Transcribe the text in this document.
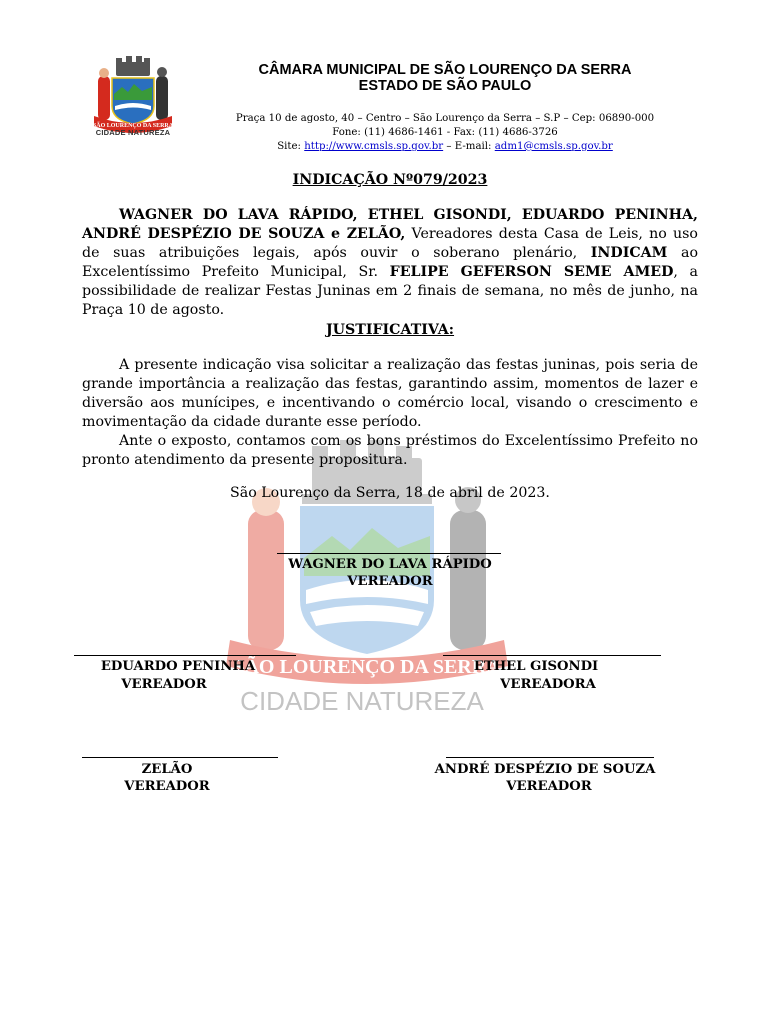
SÃO LOURENÇO DA SERRA
CIDADE NATUREZA
SÃO LOURENÇO DA SERRA
CIDADE NATUREZA
CÂMARA MUNICIPAL DE SÃO LOURENÇO DA SERRA
ESTADO DE SÃO PAULO
Praça 10 de agosto, 40 – Centro – São Lourenço da Serra – S.P – Cep: 06890-000
Fone: (11) 4686-1461 - Fax: (11) 4686-3726
Site: http://www.cmsls.sp.gov.br – E-mail: adm1@cmsls.sp.gov.br
INDICAÇÃO Nº079/2023
WAGNER DO LAVA RÁPIDO, ETHEL GISONDI, EDUARDO PENINHA, ANDRÉ DESPÉZIO DE SOUZA e ZELÃO, Vereadores desta Casa de Leis, no uso de suas atribuições legais, após ouvir o soberano plenário, INDICAM ao Excelentíssimo Prefeito Municipal, Sr. FELIPE GEFERSON SEME AMED, a possibilidade de realizar Festas Juninas em 2 finais de semana, no mês de junho, na Praça 10 de agosto.
JUSTIFICATIVA:
A presente indicação visa solicitar a realização das festas juninas, pois seria de grande importância a realização das festas, garantindo assim, momentos de lazer e diversão aos munícipes, e incentivando o comércio local, visando o crescimento e movimentação da cidade durante esse período.
Ante o exposto, contamos com os bons préstimos do Excelentíssimo Prefeito no pronto atendimento da presente propositura.
São Lourenço da Serra, 18 de abril de 2023.
WAGNER DO LAVA RÁPIDO
VEREADOR
EDUARDO PENINHA
VEREADOR
ETHEL GISONDI
VEREADORA
ZELÃO
VEREADOR
ANDRÉ DESPÉZIO DE SOUZA
VEREADOR
